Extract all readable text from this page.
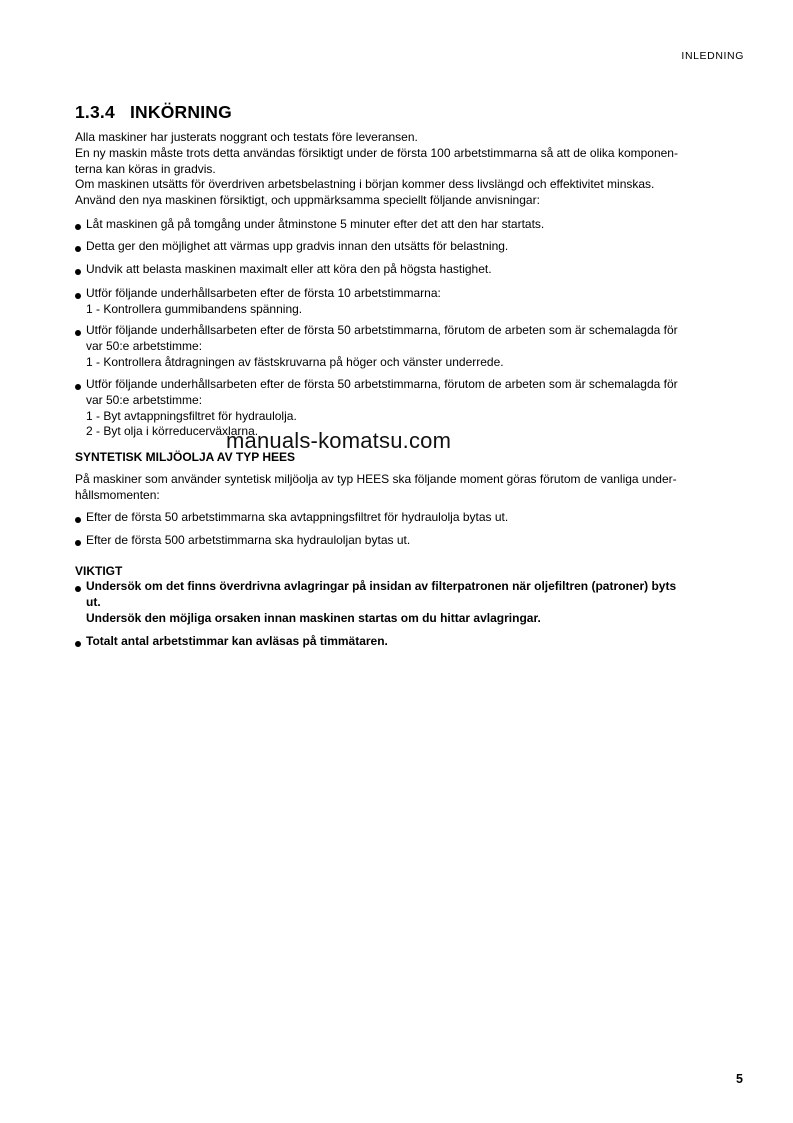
INLEDNING
1.3.4 INKÖRNING
Alla maskiner har justerats noggrant och testats före leveransen.
En ny maskin måste trots detta användas försiktigt under de första 100 arbetstimmarna så att de olika komponen-
terna kan köras in gradvis.
Om maskinen utsätts för överdriven arbetsbelastning i början kommer dess livslängd och effektivitet minskas.
Använd den nya maskinen försiktigt, och uppmärksamma speciellt följande anvisningar:
Låt maskinen gå på tomgång under åtminstone 5 minuter efter det att den har startats.
Detta ger den möjlighet att värmas upp gradvis innan den utsätts för belastning.
Undvik att belasta maskinen maximalt eller att köra den på högsta hastighet.
Utför följande underhållsarbeten efter de första 10 arbetstimmarna:
1 - Kontrollera gummibandens spänning.
Utför följande underhållsarbeten efter de första 50 arbetstimmarna, förutom de arbeten som är schemalagda för
var 50:e arbetstimme:
1 - Kontrollera åtdragningen av fästskruvarna på höger och vänster underrede.
Utför följande underhållsarbeten efter de första 50 arbetstimmarna, förutom de arbeten som är schemalagda för
var 50:e arbetstimme:
1 - Byt avtappningsfiltret för hydraulolja.
2 - Byt olja i körreducerväxlarna.
SYNTETISK MILJÖOLJA AV TYP HEES
På maskiner som använder syntetisk miljöolja av typ HEES ska följande moment göras förutom de vanliga under-
hållsmomenten:
Efter de första 50 arbetstimmarna ska avtappningsfiltret för hydraulolja bytas ut.
Efter de första 500 arbetstimmarna ska hydrauloljan bytas ut.
VIKTIGT
Undersök om det finns överdrivna avlagringar på insidan av filterpatronen när oljefiltren (patroner) byts
ut.
Undersök den möjliga orsaken innan maskinen startas om du hittar avlagringar.
Totalt antal arbetstimmar kan avläsas på timmätaren.
manuals-komatsu.com
5
